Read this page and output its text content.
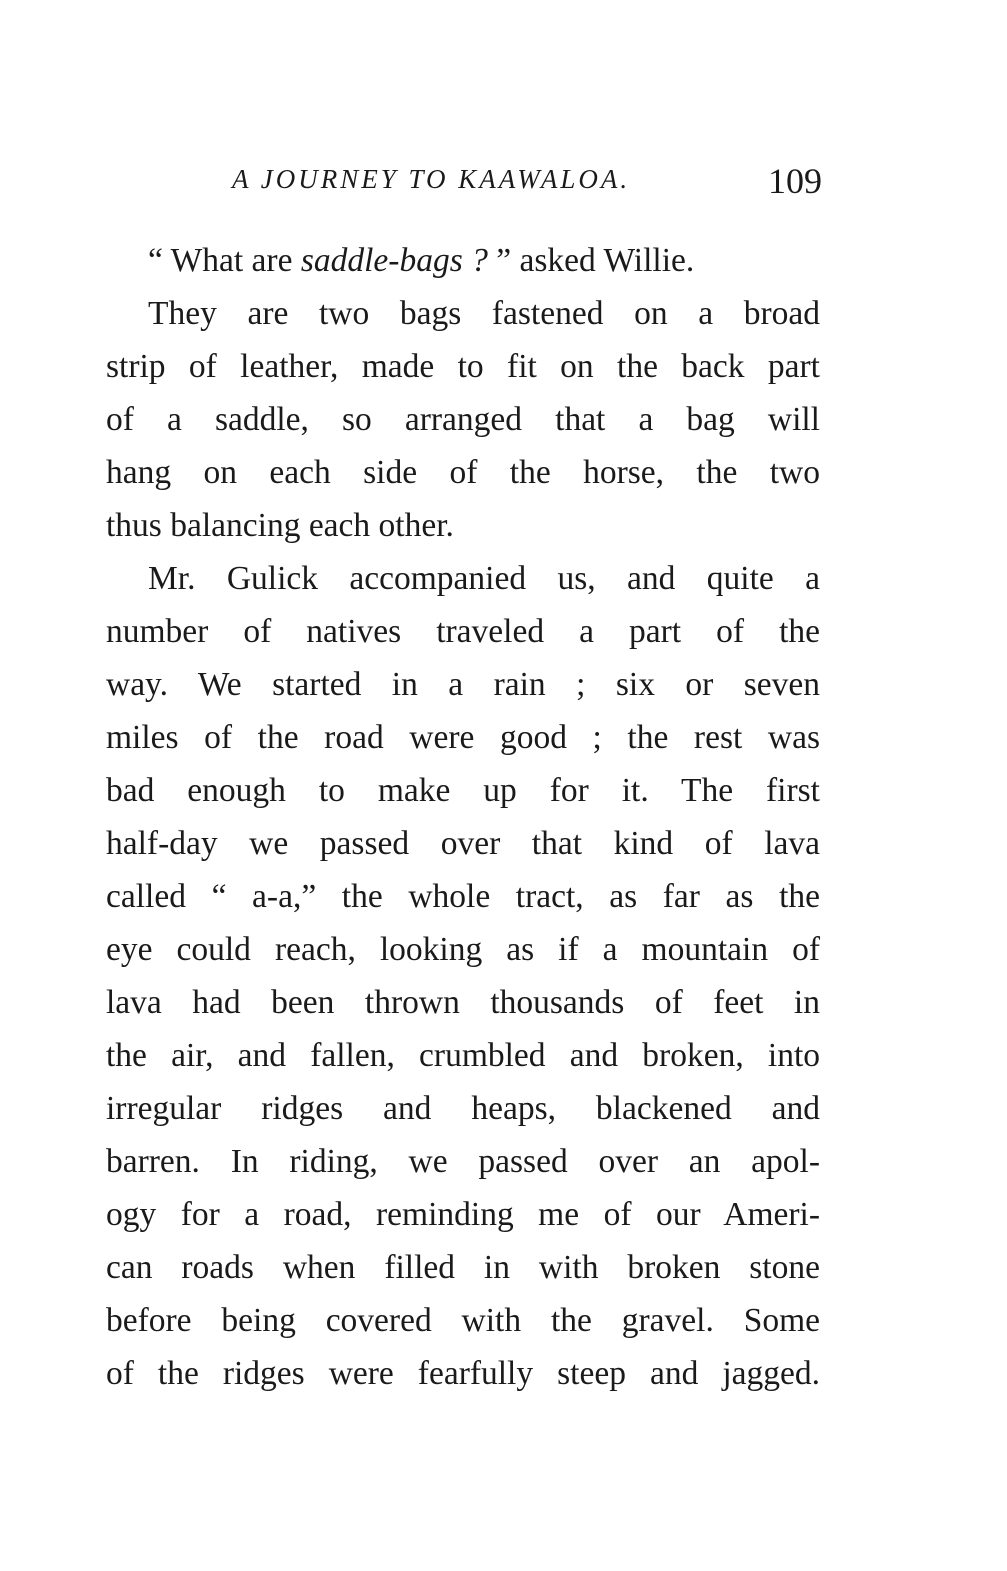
A JOURNEY TO KAAWALOA.	109
“ What are saddle-bags ? ” asked Willie.
They are two bags fastened on a broad
strip of leather, made to fit on the back part
of a saddle, so arranged that a bag will
hang on each side of the horse, the two
thus balancing each other.
Mr. Gulick accompanied us, and quite a
number of natives traveled a part of the
way. We started in a rain ; six or seven
miles of the road were good ; the rest was
bad enough to make up for it. The first
half-day we passed over that kind of lava
called “ a-a,” the whole tract, as far as the
eye could reach, looking as if a mountain of
lava had been thrown thousands of feet in
the air, and fallen, crumbled and broken, into
irregular ridges and heaps, blackened and
barren. In riding, we passed over an apol-
ogy for a road, reminding me of our Ameri-
can roads when filled in with broken stone
before being covered with the gravel. Some
of the ridges were fearfully steep and jagged.
